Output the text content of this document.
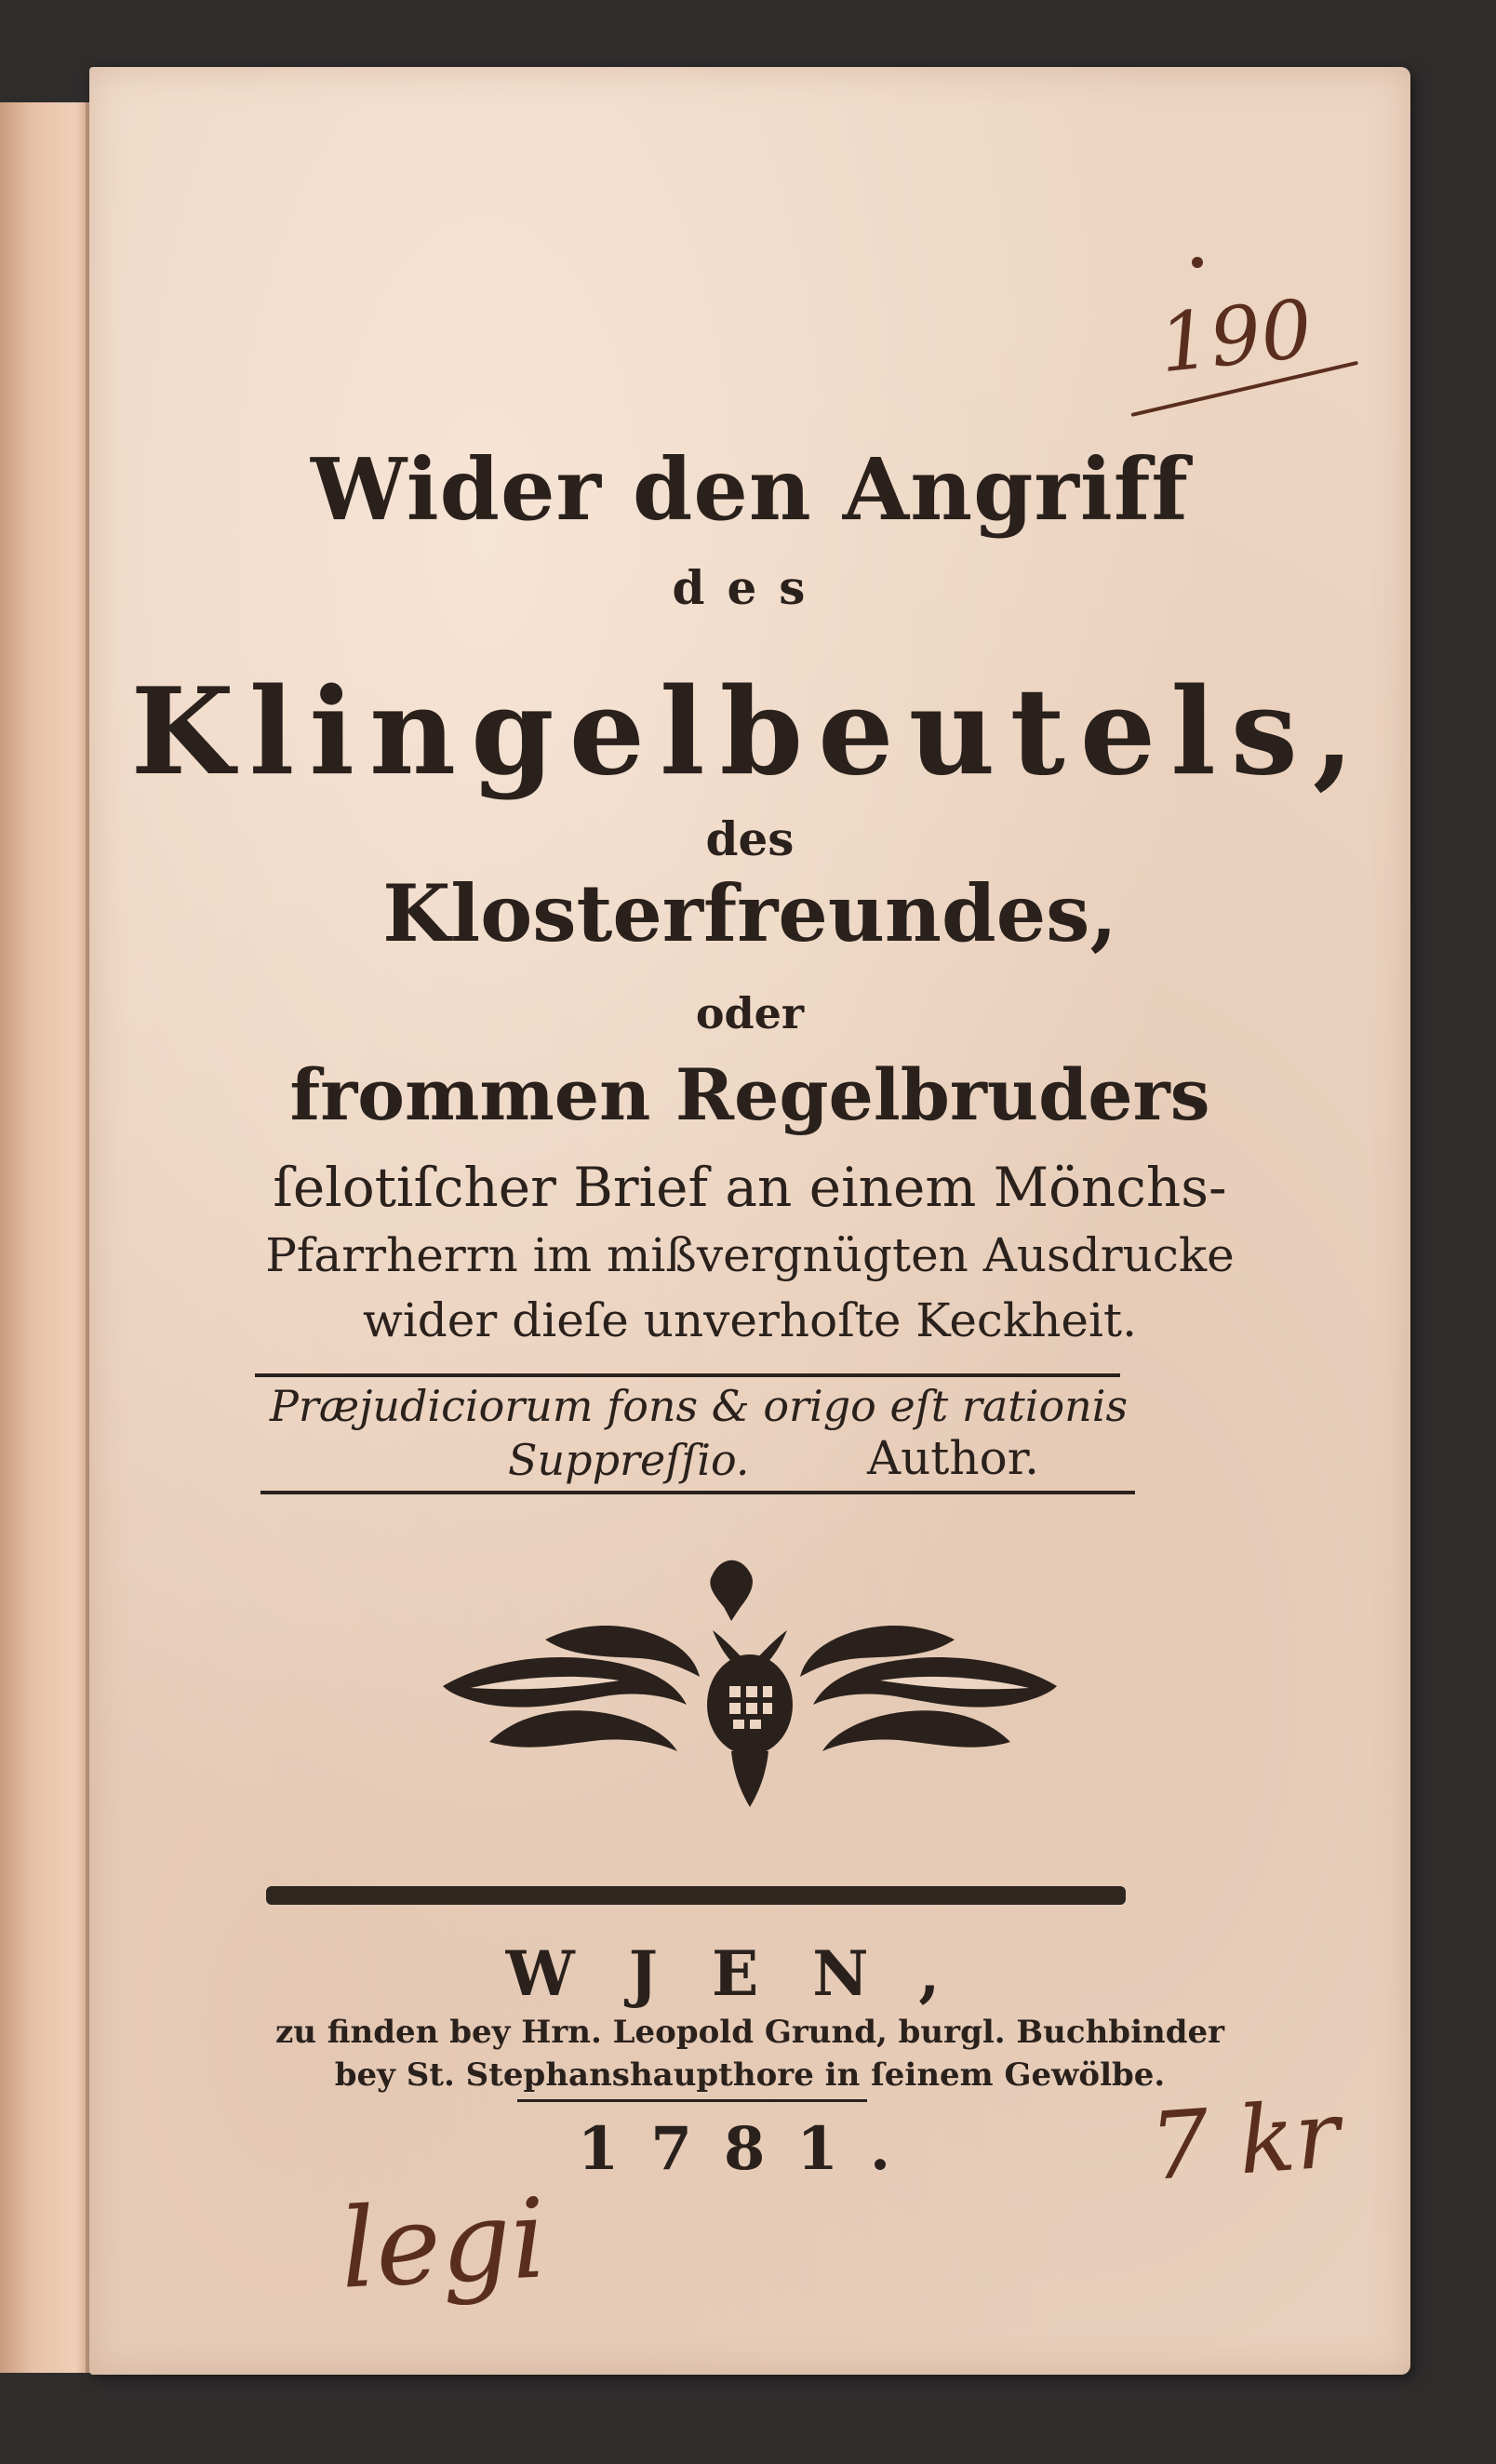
190
Wider den Angriff
des
Klingelbeutels,
des
Klosterfreundes,
oder
frommen Regelbruders
ſelotiſcher Brief an einem Mönchs-
Pfarrherrn im mißvergnügten Ausdrucke
wider dieſe unverhoſte Keckheit.
Præjudiciorum fons & origo eſt rationis
Suppreſſio.	Author.
WJEN,
zu finden bey Hrn. Leopold Grund, burgl. Buchbinder
bey St. Stephanshaupthore in ſeinem Gewölbe.
1781.	7 kr
legi
